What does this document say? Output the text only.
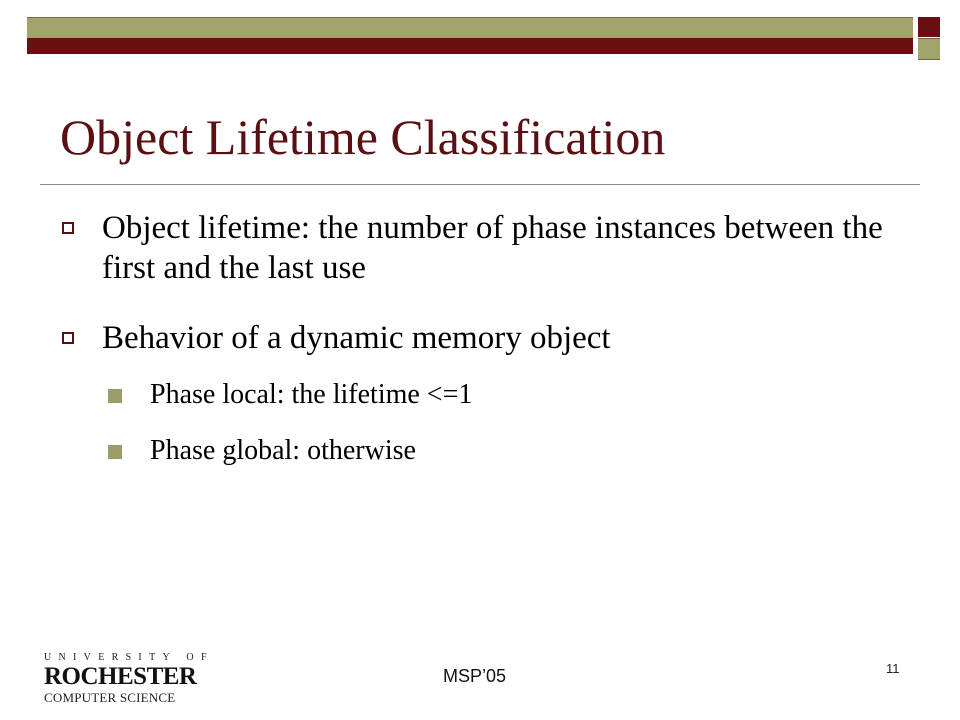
Object Lifetime Classification
Object lifetime: the number of phase instances between the first and the last use
Behavior of a dynamic memory object
Phase local: the lifetime <=1
Phase global: otherwise
UNIVERSITY OF
ROCHESTER
COMPUTER SCIENCE
MSP’05	11
